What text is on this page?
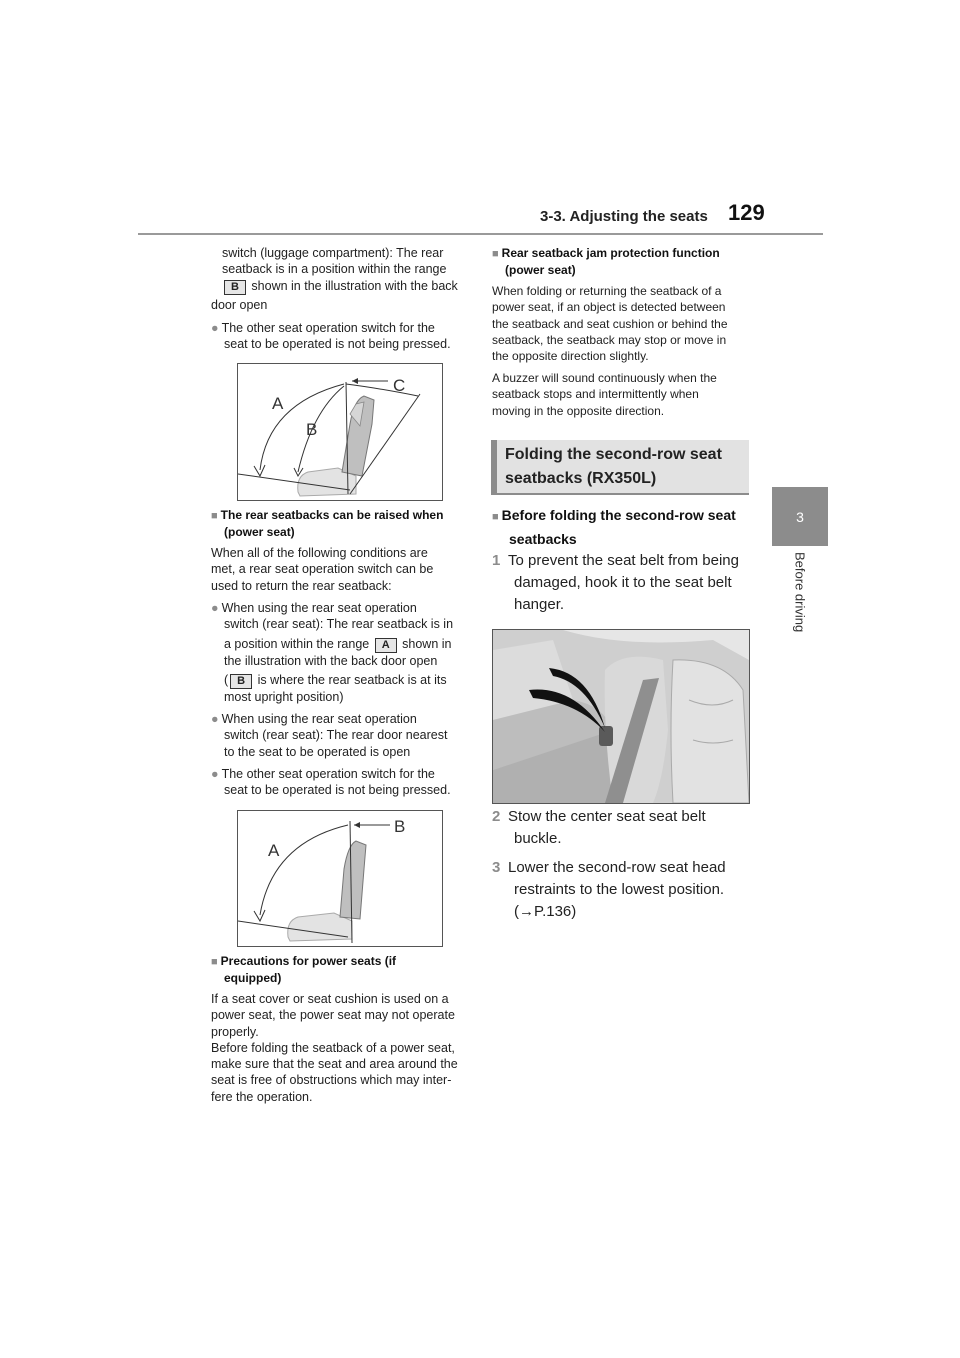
3-3. Adjusting the seats 129
3
Before driving
switch (luggage compartment): The rear
seatback is in a position within the range
B shown in the illustration with the back
door open
● The other seat operation switch for the
seat to be operated is not being pressed.
A
B
C
■ The rear seatbacks can be raised when
(power seat)
When all of the following conditions are
met, a rear seat operation switch can be
used to return the rear seatback:
● When using the rear seat operation
switch (rear seat): The rear seatback is in
a position within the range A shown in
the illustration with the back door open
( B is where the rear seatback is at its
most upright position)
● When using the rear seat operation
switch (rear seat): The rear door nearest
to the seat to be operated is open
● The other seat operation switch for the
seat to be operated is not being pressed.
A
B
■ Precautions for power seats (if
equipped)
If a seat cover or seat cushion is used on a
power seat, the power seat may not operate
properly.
Before folding the seatback of a power seat,
make sure that the seat and area around the
seat is free of obstructions which may inter-
fere the operation.
■ Rear seatback jam protection function
(power seat)
When folding or returning the seatback of a
power seat, if an object is detected between
the seatback and seat cushion or behind the
seatback, the seatback may stop or move in
the opposite direction slightly.
A buzzer will sound continuously when the
seatback stops and intermittently when
moving in the opposite direction.
Folding the second-row seat
seatbacks (RX350L)
■ Before folding the second-row seat
seatbacks
1 To prevent the seat belt from being
damaged, hook it to the seat belt
hanger.
2 Stow the center seat seat belt
buckle.
3 Lower the second-row seat head
restraints to the lowest position.
(→P.136)
